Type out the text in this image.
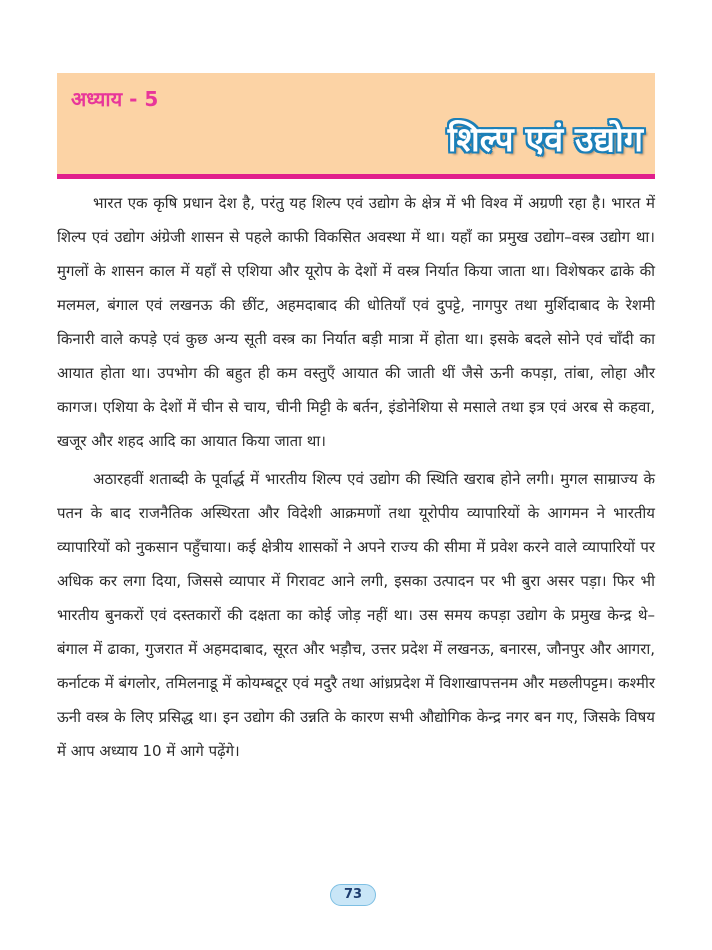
अध्याय - 5
शिल्प एवं उद्योग

भारत एक कृषि प्रधान देश है, परंतु यह शिल्प एवं उद्योग के क्षेत्र में भी विश्व में अग्रणी रहा है। भारत में शिल्प एवं उद्योग अंग्रेजी शासन से पहले काफी विकसित अवस्था में था। यहाँ का प्रमुख उद्योग–वस्त्र उद्योग था। मुगलों के शासन काल में यहाँ से एशिया और यूरोप के देशों में वस्त्र निर्यात किया जाता था। विशेषकर ढाके की मलमल, बंगाल एवं लखनऊ की छींट, अहमदाबाद की धोतियाँ एवं दुपट्टे, नागपुर तथा मुर्शिदाबाद के रेशमी किनारी वाले कपड़े एवं कुछ अन्य सूती वस्त्र का निर्यात बड़ी मात्रा में होता था। इसके बदले सोने एवं चाँदी का आयात होता था। उपभोग की बहुत ही कम वस्तुएँ आयात की जाती थीं जैसे ऊनी कपड़ा, तांबा, लोहा और कागज। एशिया के देशों में चीन से चाय, चीनी मिट्टी के बर्तन, इंडोनेशिया से मसाले तथा इत्र एवं अरब से कहवा, खजूर और शहद आदि का आयात किया जाता था।

अठारहवीं शताब्दी के पूर्वार्द्ध में भारतीय शिल्प एवं उद्योग की स्थिति खराब होने लगी। मुगल साम्राज्य के पतन के बाद राजनैतिक अस्थिरता और विदेशी आक्रमणों तथा यूरोपीय व्यापारियों के आगमन ने भारतीय व्यापारियों को नुकसान पहुँचाया। कई क्षेत्रीय शासकों ने अपने राज्य की सीमा में प्रवेश करने वाले व्यापारियों पर अधिक कर लगा दिया, जिससे व्यापार में गिरावट आने लगी, इसका उत्पादन पर भी बुरा असर पड़ा। फिर भी भारतीय बुनकरों एवं दस्तकारों की दक्षता का कोई जोड़ नहीं था। उस समय कपड़ा उद्योग के प्रमुख केन्द्र थे– बंगाल में ढाका, गुजरात में अहमदाबाद, सूरत और भड़ौच, उत्तर प्रदेश में लखनऊ, बनारस, जौनपुर और आगरा, कर्नाटक में बंगलोर, तमिलनाडू में कोयम्बटूर एवं मदुरै तथा आंध्रप्रदेश में विशाखापत्तनम और मछलीपट्टम। कश्मीर ऊनी वस्त्र के लिए प्रसिद्ध था। इन उद्योग की उन्नति के कारण सभी औद्योगिक केन्द्र नगर बन गए, जिसके विषय में आप अध्याय 10 में आगे पढ़ेंगे।

73
